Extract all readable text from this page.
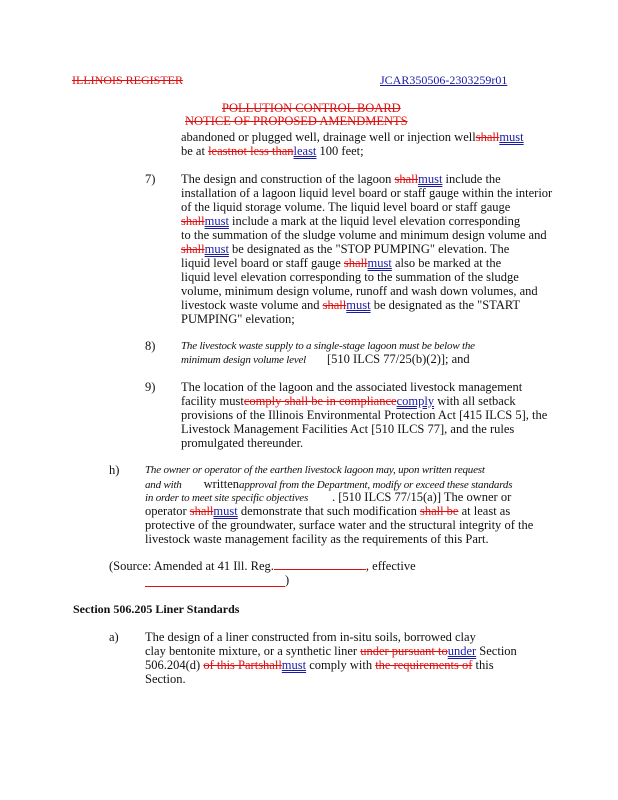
ILLINOIS REGISTER	JCAR350506-2303259r01
POLLUTION CONTROL BOARD
NOTICE OF PROPOSED AMENDMENTS
abandoned or plugged well, drainage well or injection wellshallmust
be at leastnot less thanleast 100 feet;
7) The design and construction of the lagoon shallmust include the
installation of a lagoon liquid level board or staff gauge within the interior
of the liquid storage volume. The liquid level board or staff gauge
shallmust include a mark at the liquid level elevation corresponding
to the summation of the sludge volume and minimum design volume and
shallmust be designated as the "STOP PUMPING" elevation. The
liquid level board or staff gauge shallmust also be marked at the
liquid level elevation corresponding to the summation of the sludge
volume, minimum design volume, runoff and wash down volumes, and
livestock waste volume and shallmust be designated as the "START
PUMPING" elevation;
8) The livestock waste supply to a single-stage lagoon must be below the
minimum design volume level [510 ILCS 77/25(b)(2)]; and
9) The location of the lagoon and the associated livestock management
facility mustcomply shall be in compliancecomply with all setback
provisions of the Illinois Environmental Protection Act [415 ILCS 5], the
Livestock Management Facilities Act [510 ILCS 77], and the rules
promulgated thereunder.
h) The owner or operator of the earthen livestock lagoon may, upon written request
and with writtenapproval from the Department, modify or exceed these standards
in order to meet site specific objectives . [510 ILCS 77/15(a)] The owner or
operator shallmust demonstrate that such modification shall be at least as
protective of the groundwater, surface water and the structural integrity of the
livestock waste management facility as the requirements of this Part.
(Source: Amended at 41 Ill. Reg.	, effective
)
Section 506.205 Liner Standards
a) The design of a liner constructed from in-situ soils, borrowed clay
clay bentonite mixture, or a synthetic liner under pursuant tounder Section
506.204(d) of this Partshallmust comply with the requirements of this
Section.
